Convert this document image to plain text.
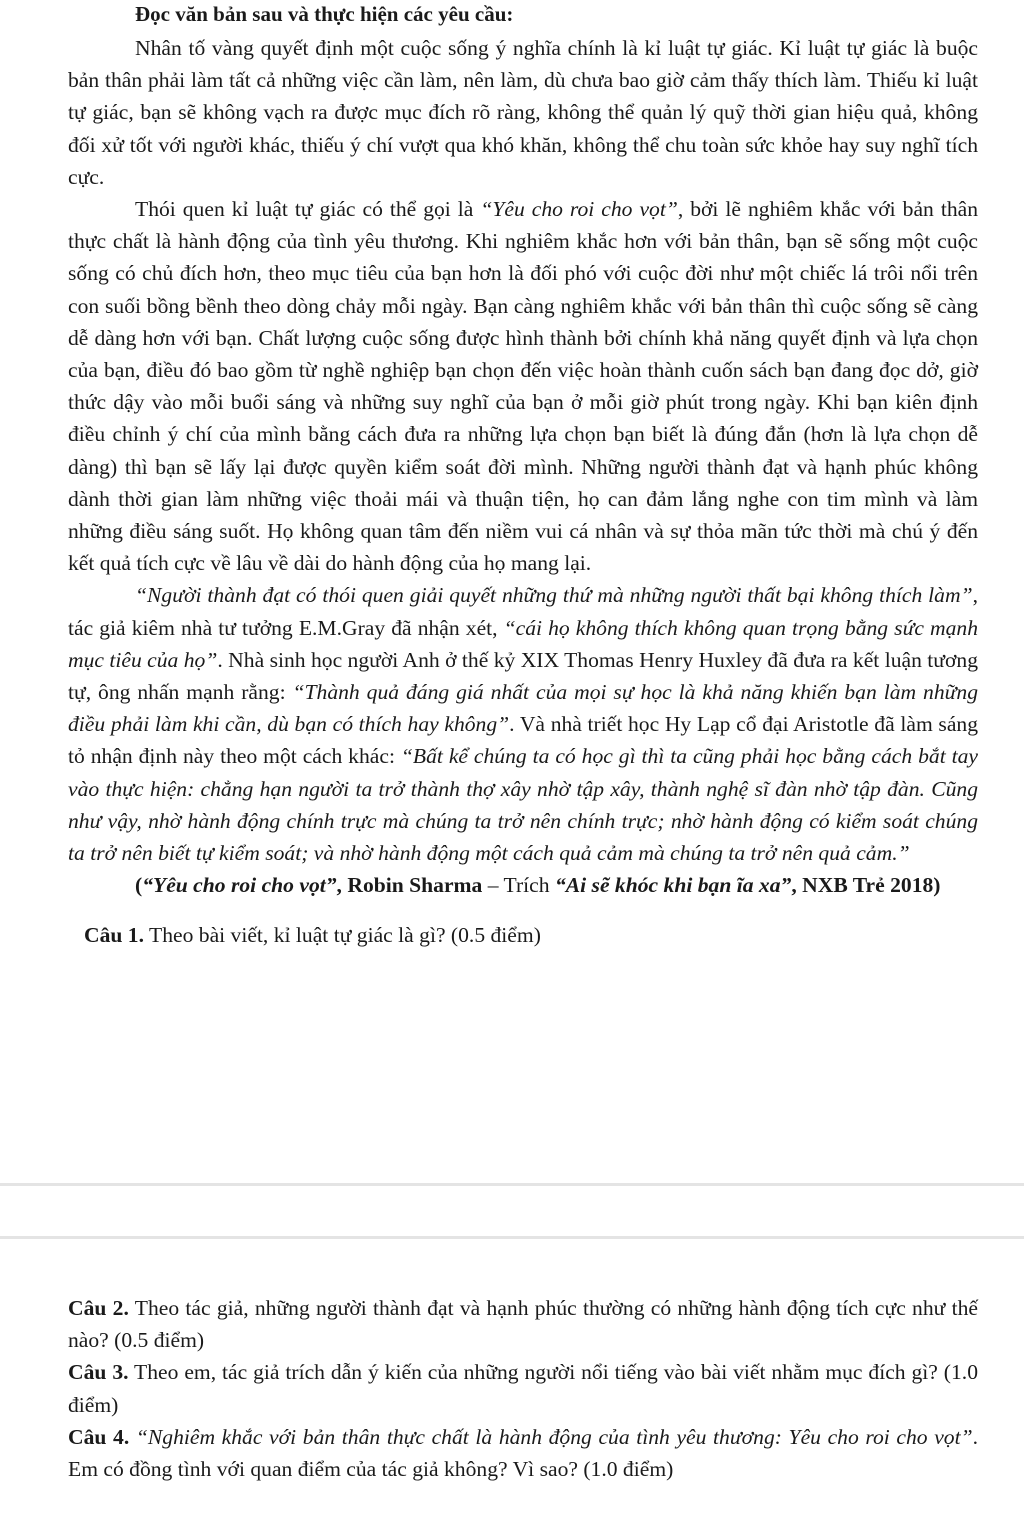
Đọc văn bản sau và thực hiện các yêu cầu:

Nhân tố vàng quyết định một cuộc sống ý nghĩa chính là kỉ luật tự giác. Kỉ luật tự giác là buộc bản thân phải làm tất cả những việc cần làm, nên làm, dù chưa bao giờ cảm thấy thích làm. Thiếu kỉ luật tự giác, bạn sẽ không vạch ra được mục đích rõ ràng, không thể quản lý quỹ thời gian hiệu quả, không đối xử tốt với người khác, thiếu ý chí vượt qua khó khăn, không thể chu toàn sức khỏe hay suy nghĩ tích cực.

Thói quen kỉ luật tự giác có thể gọi là “Yêu cho roi cho vọt”, bởi lẽ nghiêm khắc với bản thân thực chất là hành động của tình yêu thương. Khi nghiêm khắc hơn với bản thân, bạn sẽ sống một cuộc sống có chủ đích hơn, theo mục tiêu của bạn hơn là đối phó với cuộc đời như một chiếc lá trôi nổi trên con suối bồng bềnh theo dòng chảy mỗi ngày. Bạn càng nghiêm khắc với bản thân thì cuộc sống sẽ càng dễ dàng hơn với bạn. Chất lượng cuộc sống được hình thành bởi chính khả năng quyết định và lựa chọn của bạn, điều đó bao gồm từ nghề nghiệp bạn chọn đến việc hoàn thành cuốn sách bạn đang đọc dở, giờ thức dậy vào mỗi buổi sáng và những suy nghĩ của bạn ở mỗi giờ phút trong ngày. Khi bạn kiên định điều chỉnh ý chí của mình bằng cách đưa ra những lựa chọn bạn biết là đúng đắn (hơn là lựa chọn dễ dàng) thì bạn sẽ lấy lại được quyền kiểm soát đời mình. Những người thành đạt và hạnh phúc không dành thời gian làm những việc thoải mái và thuận tiện, họ can đảm lắng nghe con tim mình và làm những điều sáng suốt. Họ không quan tâm đến niềm vui cá nhân và sự thỏa mãn tức thời mà chú ý đến kết quả tích cực về lâu về dài do hành động của họ mang lại.

“Người thành đạt có thói quen giải quyết những thứ mà những người thất bại không thích làm”, tác giả kiêm nhà tư tưởng E.M.Gray đã nhận xét, “cái họ không thích không quan trọng bằng sức mạnh mục tiêu của họ”. Nhà sinh học người Anh ở thế kỷ XIX Thomas Henry Huxley đã đưa ra kết luận tương tự, ông nhấn mạnh rằng: “Thành quả đáng giá nhất của mọi sự học là khả năng khiến bạn làm những điều phải làm khi cần, dù bạn có thích hay không”. Và nhà triết học Hy Lạp cổ đại Aristotle đã làm sáng tỏ nhận định này theo một cách khác: “Bất kể chúng ta có học gì thì ta cũng phải học bằng cách bắt tay vào thực hiện: chẳng hạn người ta trở thành thợ xây nhờ tập xây, thành nghệ sĩ đàn nhờ tập đàn. Cũng như vậy, nhờ hành động chính trực mà chúng ta trở nên chính trực; nhờ hành động có kiểm soát chúng ta trở nên biết tự kiểm soát; và nhờ hành động một cách quả cảm mà chúng ta trở nên quả cảm.”

(“Yêu cho roi cho vọt”, Robin Sharma – Trích “Ai sẽ khóc khi bạn ĩa xa”, NXB Trẻ 2018)

Câu 1. Theo bài viết, kỉ luật tự giác là gì? (0.5 điểm)

Câu 2. Theo tác giả, những người thành đạt và hạnh phúc thường có những hành động tích cực như thế nào? (0.5 điểm)

Câu 3. Theo em, tác giả trích dẫn ý kiến của những người nổi tiếng vào bài viết nhằm mục đích gì? (1.0 điểm)

Câu 4. “Nghiêm khắc với bản thân thực chất là hành động của tình yêu thương: Yêu cho roi cho vọt”. Em có đồng tình với quan điểm của tác giả không? Vì sao? (1.0 điểm)
